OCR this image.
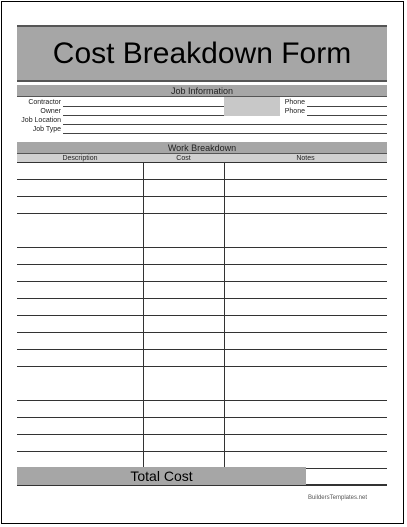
Cost Breakdown Form
Job Information
Contractor	Phone
Owner	Phone
Job Location
Job Type
Work Breakdown
Description	Cost	Notes
Total Cost
BuildersTemplates.net
